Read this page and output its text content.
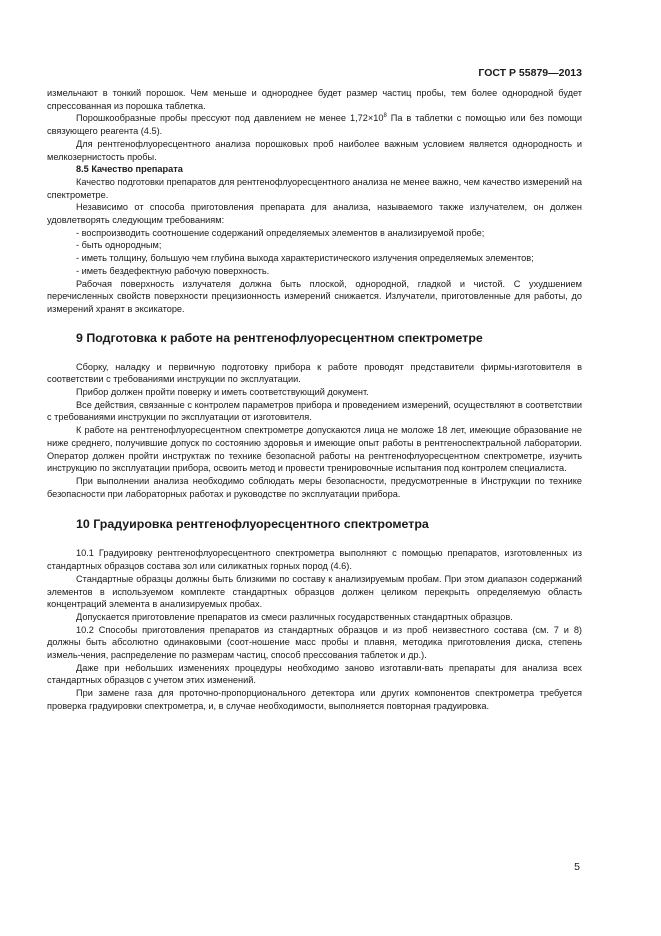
ГОСТ Р 55879—2013

измельчают в тонкий порошок. Чем меньше и однороднее будет размер частиц пробы, тем более однородной будет спрессованная из порошка таблетка.

Порошкообразные пробы прессуют под давлением не менее $1,72\times 10^8$ Па в таблетки с помощью или без помощи связующего реагента (4.5).

Для рентгенофлуоресцентного анализа порошковых проб наиболее важным условием является однородность и мелкозернистость пробы.

8.5 Качество препарата

Качество подготовки препаратов для рентгенофлуоресцентного анализа не менее важно, чем качество измерений на спектрометре.

Независимо от способа приготовления препарата для анализа, называемого также излучателем, он должен удовлетворять следующим требованиям:

- воспроизводить соотношение содержаний определяемых элементов в анализируемой пробе;

- быть однородным;

- иметь толщину, большую чем глубина выхода характеристического излучения определяемых элементов;

- иметь бездефектную рабочую поверхность.

Рабочая поверхность излучателя должна быть плоской, однородной, гладкой и чистой. С ухудшением перечисленных свойств поверхности прецизионность измерений снижается. Излучатели, приготовленные для работы, до измерений хранят в эксикаторе.

9 Подготовка к работе на рентгенофлуоресцентном спектрометре

Сборку, наладку и первичную подготовку прибора к работе проводят представители фирмы-изготовителя в соответствии с требованиями инструкции по эксплуатации.

Прибор должен пройти поверку и иметь соответствующий документ.

Все действия, связанные с контролем параметров прибора и проведением измерений, осуществляют в соответствии с требованиями инструкции по эксплуатации от изготовителя.

К работе на рентгенофлуоресцентном спектрометре допускаются лица не моложе 18 лет, имеющие образование не ниже среднего, получившие допуск по состоянию здоровья и имеющие опыт работы в рентгеноспектральной лаборатории. Оператор должен пройти инструктаж по технике безопасной работы на рентгенофлуоресцентном спектрометре, изучить инструкцию по эксплуатации прибора, освоить метод и провести тренировочные испытания под контролем специалиста.

При выполнении анализа необходимо соблюдать меры безопасности, предусмотренные в Инструкции по технике безопасности при лабораторных работах и руководстве по эксплуатации прибора.

10 Градуировка рентгенофлуоресцентного спектрометра

10.1 Градуировку рентгенофлуоресцентного спектрометра выполняют с помощью препаратов, изготовленных из стандартных образцов состава зол или силикатных горных пород (4.6).

Стандартные образцы должны быть близкими по составу к анализируемым пробам. При этом диапазон содержаний элементов в используемом комплекте стандартных образцов должен целиком перекрыть определяемую область концентраций элемента в анализируемых пробах.

Допускается приготовление препаратов из смеси различных государственных стандартных образцов.

10.2 Способы приготовления препаратов из стандартных образцов и из проб неизвестного состава (см. 7 и 8) должны быть абсолютно одинаковыми (соот-ношение масс пробы и плавня, методика приготовления диска, степень измель-чения, распределение по размерам частиц, способ прессования таблеток и др.).

Даже при небольших изменениях процедуры необходимо заново изготавли-вать препараты для анализа всех стандартных образцов с учетом этих изменений.

При замене газа для проточно-пропорционального детектора или других компонентов спектрометра требуется проверка градуировки спектрометра, и, в случае необходимости, выполняется повторная градуировка.

5
